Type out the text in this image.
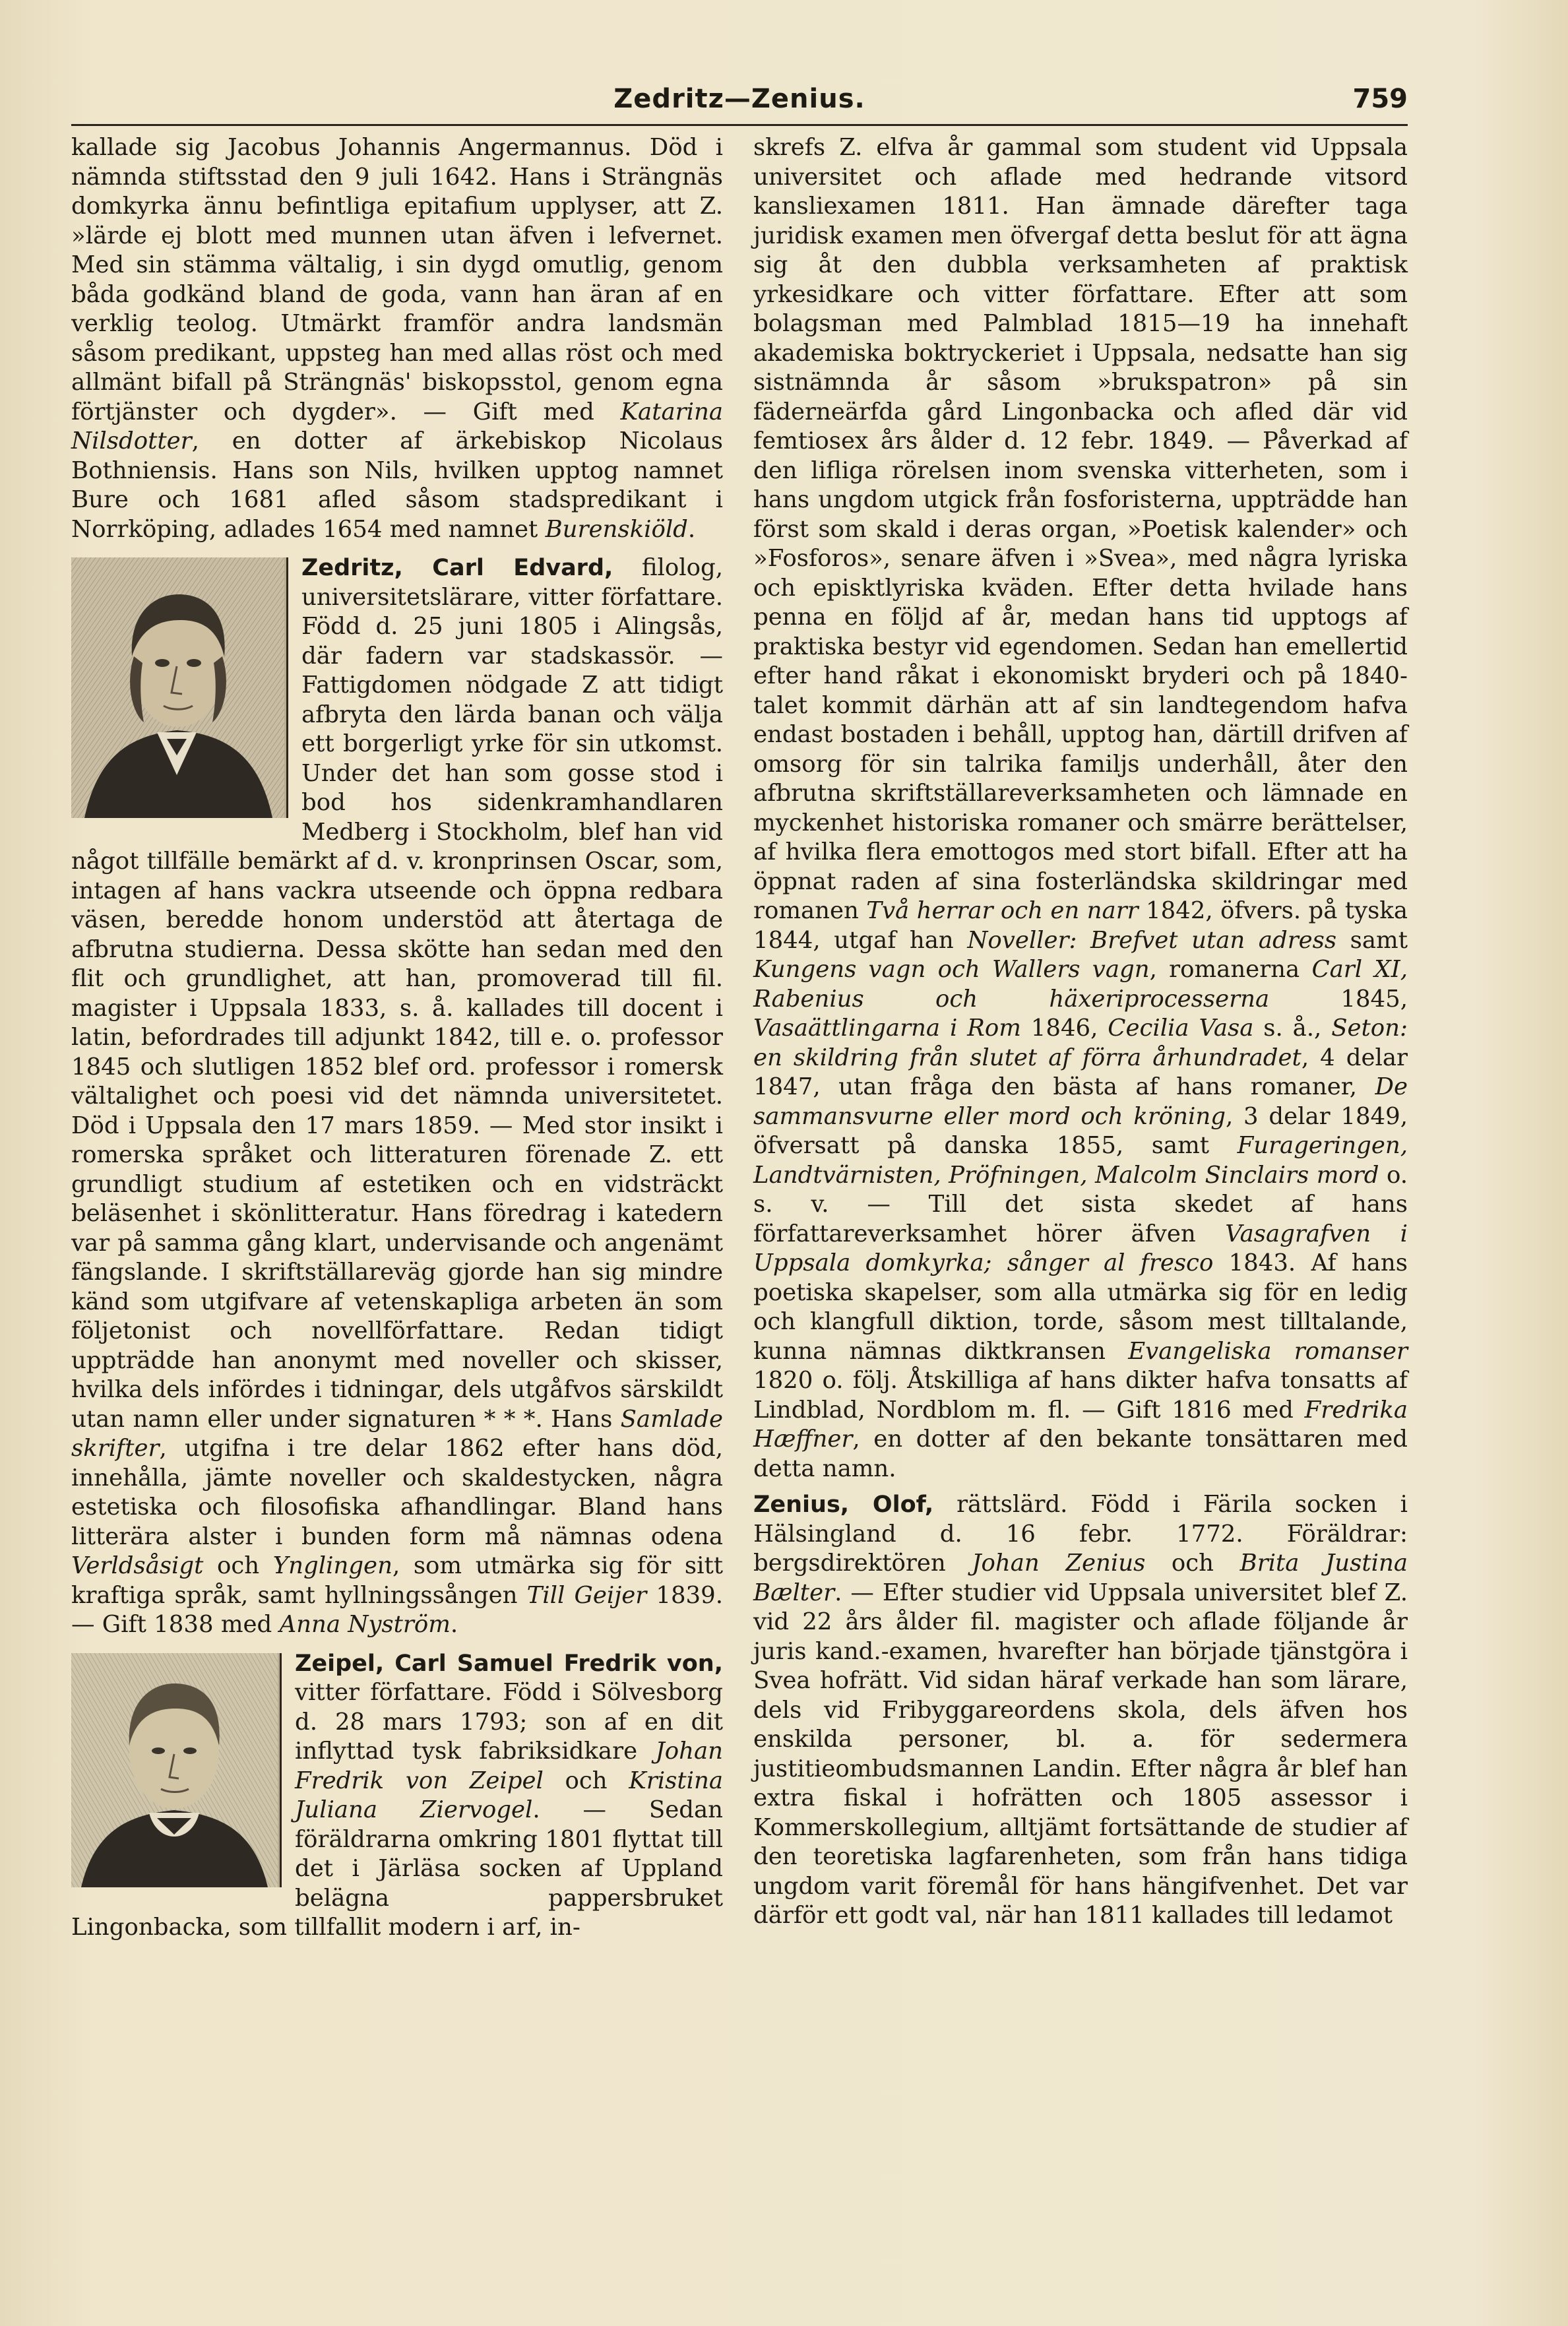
Zedritz—Zenius.	759

kallade sig Jacobus Johannis Angermannus. Död i nämnda stiftsstad den 9 juli 1642. Hans i Strängnäs domkyrka ännu befintliga epitafium upplyser, att Z. »lärde ej blott med munnen utan äfven i lefvernet. Med sin stämma vältalig, i sin dygd omutlig, genom båda godkänd bland de goda, vann han äran af en verklig teolog. Utmärkt framför andra landsmän såsom predikant, uppsteg han med allas röst och med allmänt bifall på Strängnäs' biskopsstol, genom egna förtjänster och dygder». — Gift med Katarina Nilsdotter, en dotter af ärkebiskop Nicolaus Bothniensis. Hans son Nils, hvilken upptog namnet Bure och 1681 afled såsom stadspredikant i Norrköping, adlades 1654 med namnet Burenskiöld.

Zedritz, Carl Edvard, filolog, universitetslärare, vitter författare. Född d. 25 juni 1805 i Alingsås, där fadern var stadskassör. — Fattigdomen nödgade Z att tidigt afbryta den lärda banan och välja ett borgerligt yrke för sin utkomst. Under det han som gosse stod i bod hos sidenkramhandlaren Medberg i Stockholm, blef han vid något tillfälle bemärkt af d. v. kronprinsen Oscar, som, intagen af hans vackra utseende och öppna redbara väsen, beredde honom understöd att återtaga de afbrutna studierna. Dessa skötte han sedan med den flit och grundlighet, att han, promoverad till fil. magister i Uppsala 1833, s. å. kallades till docent i latin, befordrades till adjunkt 1842, till e. o. professor 1845 och slutligen 1852 blef ord. professor i romersk vältalighet och poesi vid det nämnda universitetet. Död i Uppsala den 17 mars 1859. — Med stor insikt i romerska språket och litteraturen förenade Z. ett grundligt studium af estetiken och en vidsträckt beläsenhet i skönlitteratur. Hans föredrag i katedern var på samma gång klart, undervisande och angenämt fängslande. I skriftställareväg gjorde han sig mindre känd som utgifvare af vetenskapliga arbeten än som följetonist och novellförfattare. Redan tidigt uppträdde han anonymt med noveller och skisser, hvilka dels infördes i tidningar, dels utgåfvos särskildt utan namn eller under signaturen * * *. Hans Samlade skrifter, utgifna i tre delar 1862 efter hans död, innehålla, jämte noveller och skaldestycken, några estetiska och filosofiska afhandlingar. Bland hans litterära alster i bunden form må nämnas odena Verldsåsigt och Ynglingen, som utmärka sig för sitt kraftiga språk, samt hyllningssången Till Geijer 1839. — Gift 1838 med Anna Nyström.

Zeipel, Carl Samuel Fredrik von, vitter författare. Född i Sölvesborg d. 28 mars 1793; son af en dit inflyttad tysk fabriksidkare Johan Fredrik von Zeipel och Kristina Juliana Ziervogel. — Sedan föräldrarna omkring 1801 flyttat till det i Järläsa socken af Uppland belägna pappersbruket Lingonbacka, som tillfallit modern i arf, in-

skrefs Z. elfva år gammal som student vid Uppsala universitet och aflade med hedrande vitsord kansliexamen 1811. Han ämnade därefter taga juridisk examen men öfvergaf detta beslut för att ägna sig åt den dubbla verksamheten af praktisk yrkesidkare och vitter författare. Efter att som bolagsman med Palmblad 1815—19 ha innehaft akademiska boktryckeriet i Uppsala, nedsatte han sig sistnämnda år såsom »brukspatron» på sin fäderneärfda gård Lingonbacka och afled där vid femtiosex års ålder d. 12 febr. 1849. — Påverkad af den lifliga rörelsen inom svenska vitterheten, som i hans ungdom utgick från fosforisterna, uppträdde han först som skald i deras organ, »Poetisk kalender» och »Fosforos», senare äfven i »Svea», med några lyriska och episktlyriska kväden. Efter detta hvilade hans penna en följd af år, medan hans tid upptogs af praktiska bestyr vid egendomen. Sedan han emellertid efter hand råkat i ekonomiskt bryderi och på 1840-talet kommit därhän att af sin landtegendom hafva endast bostaden i behåll, upptog han, därtill drifven af omsorg för sin talrika familjs underhåll, åter den afbrutna skriftställareverksamheten och lämnade en myckenhet historiska romaner och smärre berättelser, af hvilka flera emottogos med stort bifall. Efter att ha öppnat raden af sina fosterländska skildringar med romanen Två herrar och en narr 1842, öfvers. på tyska 1844, utgaf han Noveller: Brefvet utan adress samt Kungens vagn och Wallers vagn, romanerna Carl XI, Rabenius och häxeriprocesserna 1845, Vasaättlingarna i Rom 1846, Cecilia Vasa s. å., Seton: en skildring från slutet af förra århundradet, 4 delar 1847, utan fråga den bästa af hans romaner, De sammansvurne eller mord och kröning, 3 delar 1849, öfversatt på danska 1855, samt Furageringen, Landtvärnisten, Pröfningen, Malcolm Sinclairs mord o. s. v. — Till det sista skedet af hans författareverksamhet hörer äfven Vasagrafven i Uppsala domkyrka; sånger al fresco 1843. Af hans poetiska skapelser, som alla utmärka sig för en ledig och klangfull diktion, torde, såsom mest tilltalande, kunna nämnas diktkransen Evangeliska romanser 1820 o. följ. Åtskilliga af hans dikter hafva tonsatts af Lindblad, Nordblom m. fl. — Gift 1816 med Fredrika Hæffner, en dotter af den bekante tonsättaren med detta namn.

Zenius, Olof, rättslärd. Född i Färila socken i Hälsingland d. 16 febr. 1772. Föräldrar: bergsdirektören Johan Zenius och Brita Justina Bælter. — Efter studier vid Uppsala universitet blef Z. vid 22 års ålder fil. magister och aflade följande år juris kand.-examen, hvarefter han började tjänstgöra i Svea hofrätt. Vid sidan häraf verkade han som lärare, dels vid Fribyggareordens skola, dels äfven hos enskilda personer, bl. a. för sedermera justitieombudsmannen Landin. Efter några år blef han extra fiskal i hofrätten och 1805 assessor i Kommerskollegium, alltjämt fortsättande de studier af den teoretiska lagfarenheten, som från hans tidiga ungdom varit föremål för hans hängifvenhet. Det var därför ett godt val, när han 1811 kallades till ledamot
